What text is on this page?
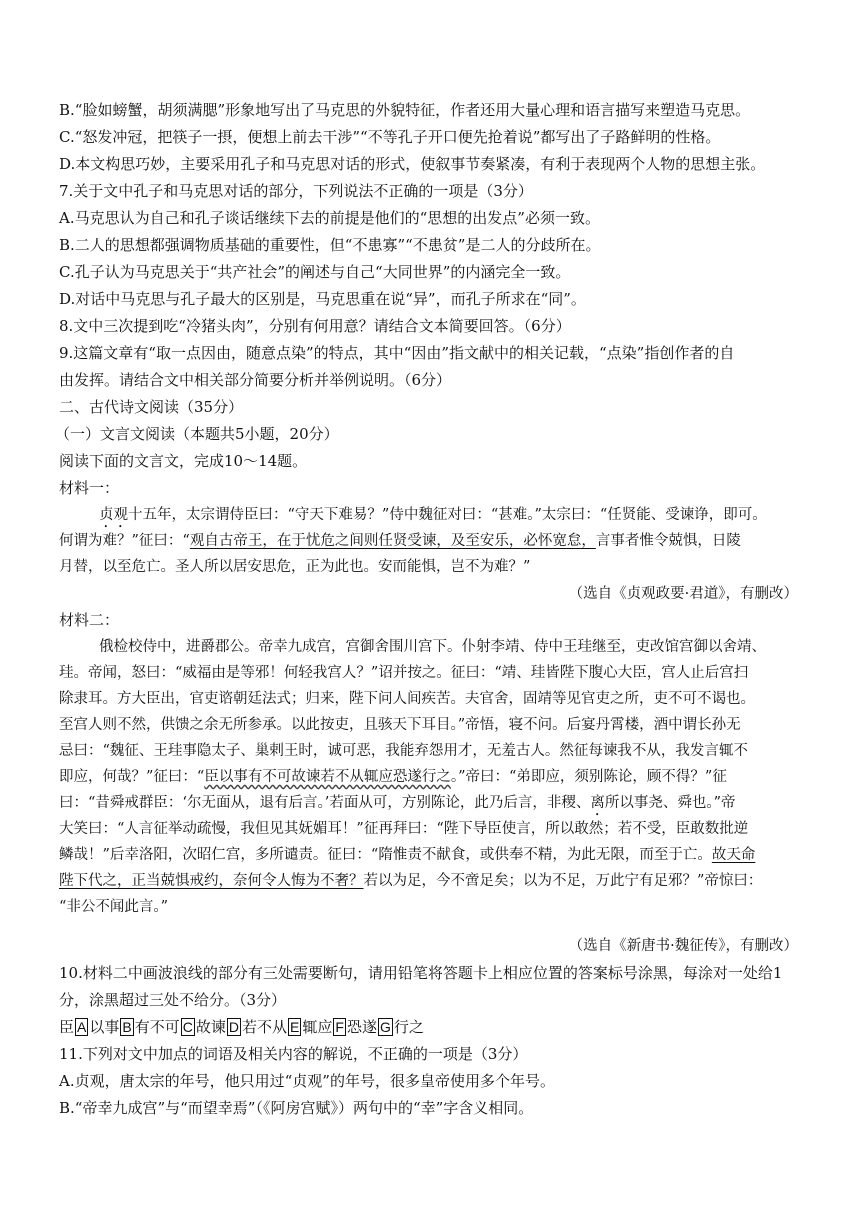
B.“脸如螃蟹，胡须满腮”形象地写出了马克思的外貌特征，作者还用大量心理和语言描写来塑造马克思。
C.“怒发冲冠，把筷子一摂，便想上前去干涉”“不等孔子开口便先抢着说”都写出了子路鲜明的性格。
D.本文构思巧妙，主要采用孔子和马克思对话的形式，使叙事节奏紧凑，有利于表现两个人物的思想主张。
7.关于文中孔子和马克思对话的部分，下列说法不正确的一项是（3分）
A.马克思认为自己和孔子谈话继续下去的前提是他们的“思想的出发点”必须一致。
B.二人的思想都强调物质基础的重要性，但“不患寡”“不患贫”是二人的分歧所在。
C.孔子认为马克思关于“共产社会”的阐述与自己“大同世界”的内涵完全一致。
D.对话中马克思与孔子最大的区别是，马克思重在说“异”，而孔子所求在“同”。
8.文中三次提到吃“冷猪头肉”，分别有何用意？请结合文本简要回答。（6分）
9.这篇文章有“取一点因由，随意点染”的特点，其中“因由”指文献中的相关记载，“点染”指创作者的自
由发挥。请结合文中相关部分简要分析并举例说明。（6分）
二、古代诗文阅读（35分）
（一）文言文阅读（本题共5小题，20分）
阅读下面的文言文，完成10～14题。
材料一：
贞观十五年，太宗谓侍臣曰：“守天下难易？”侍中魏征对曰：“甚难。”太宗曰：“任贤能、受谏诤，即可。
何谓为难？”征曰：“观自古帝王，在于忧危之间则任贤受谏，及至安乐，必怀宽怠，言事者惟令兢惧，日陵
月替，以至危亡。圣人所以居安思危，正为此也。安而能惧，岂不为难？”
（选自《贞观政要·君道》，有删改）
材料二：
俄检校侍中，进爵郡公。帝幸九成宫，宫御舍围川宫下。仆射李靖、侍中王珪继至，吏改馆宫御以舍靖、
珪。帝闻，怒曰：“威福由是等邪！何轻我宫人？”诏并按之。征曰：“靖、珪皆陛下腹心大臣，宫人止后宫扫
除隶耳。方大臣出，官吏谘朝廷法式；归来，陛下问人间疾苦。夫官舍，固靖等见官吏之所，吏不可不谒也。
至宫人则不然，供馈之余无所参承。以此按吏，且骇天下耳目。”帝悟，寝不问。后宴丹霄楼，酒中谓长孙无
忌曰：“魏征、王珪事隐太子、巢剌王时，诚可恶，我能弃怨用才，无羞古人。然征每谏我不从，我发言辄不
即应，何哉？”征曰：“臣以事有不可故谏若不从辄应恐遂行之。”帝曰：“弟即应，须别陈论，顾不得？”征
曰：“昔舜戒群臣：‘尔无面从，退有后言。’若面从可，方别陈论，此乃后言，非稷、离所以事尧、舜也。”帝
大笑曰：“人言征举动疏慢，我但见其妩媚耳！”征再拜曰：“陛下导臣使言，所以敢然；若不受，臣敢数批逆
鳞哉！”后幸洛阳，次昭仁宫，多所谴责。征曰：“隋惟责不献食，或供奉不精，为此无限，而至于亡。故天命
陛下代之，正当兢惧戒约，奈何令人悔为不奢？若以为足，今不啻足矣；以为不足，万此宁有足邪？”帝惊曰：
“非公不闻此言。”
（选自《新唐书·魏征传》，有删改）
10.材料二中画波浪线的部分有三处需要断句，请用铅笔将答题卡上相应位置的答案标号涂黑，每涂对一处给1
分，涂黑超过三处不给分。（3分）
臣 A 以事 B 有不可 C 故谏 D 若不从 E 辄应 F 恐遂 G 行之
11.下列对文中加点的词语及相关内容的解说，不正确的一项是（3分）
A.贞观，唐太宗的年号，他只用过“贞观”的年号，很多皇帝使用多个年号。
B.“帝幸九成宫”与“而望幸焉”（《阿房宫赋》）两句中的“幸”字含义相同。
